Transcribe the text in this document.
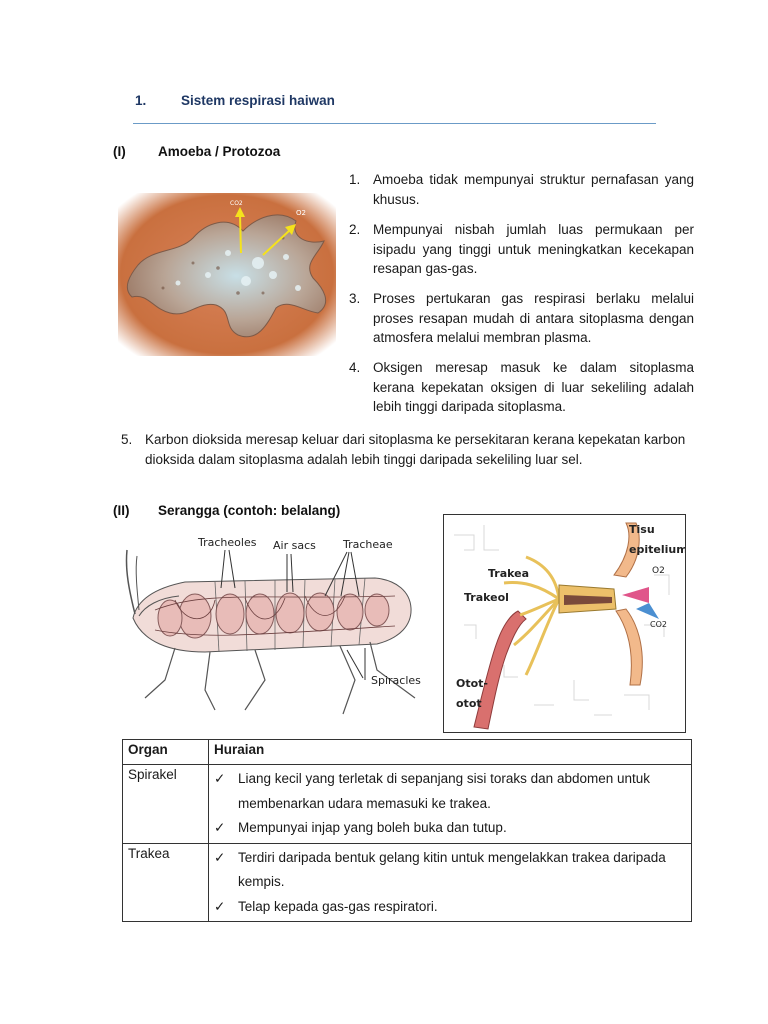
1.	Sistem respirasi haiwan
(I) Amoeba / Protozoa
CO2
O2
1. Amoeba tidak mempunyai struktur pernafasan yang khusus.
2. Mempunyai nisbah jumlah luas permukaan per isipadu yang tinggi untuk meningkatkan kecekapan resapan gas-gas.
3. Proses pertukaran gas respirasi berlaku melalui proses resapan mudah di antara sitoplasma dengan atmosfera melalui membran plasma.
4. Oksigen meresap masuk ke dalam sitoplasma kerana kepekatan oksigen di luar sekeliling adalah lebih tinggi daripada sitoplasma.
5. Karbon dioksida meresap keluar dari sitoplasma ke persekitaran kerana kepekatan karbon dioksida dalam sitoplasma adalah lebih tinggi daripada sekeliling luar sel.
(II) Serangga (contoh: belalang)
Tracheoles Air sacs Tracheae
Spiracles
Tisu
epitelium
O2
CO2
Trakea
Trakeol
Otot-
otot
Organ	Huraian
Spirakel	✓ Liang kecil yang terletak di sepanjang sisi toraks dan abdomen untuk membenarkan udara memasuki ke trakea.
✓ Mempunyai injap yang boleh buka dan tutup.

Trakea	✓ Terdiri daripada bentuk gelang kitin untuk mengelakkan trakea daripada kempis.
✓ Telap kepada gas-gas respiratori.
